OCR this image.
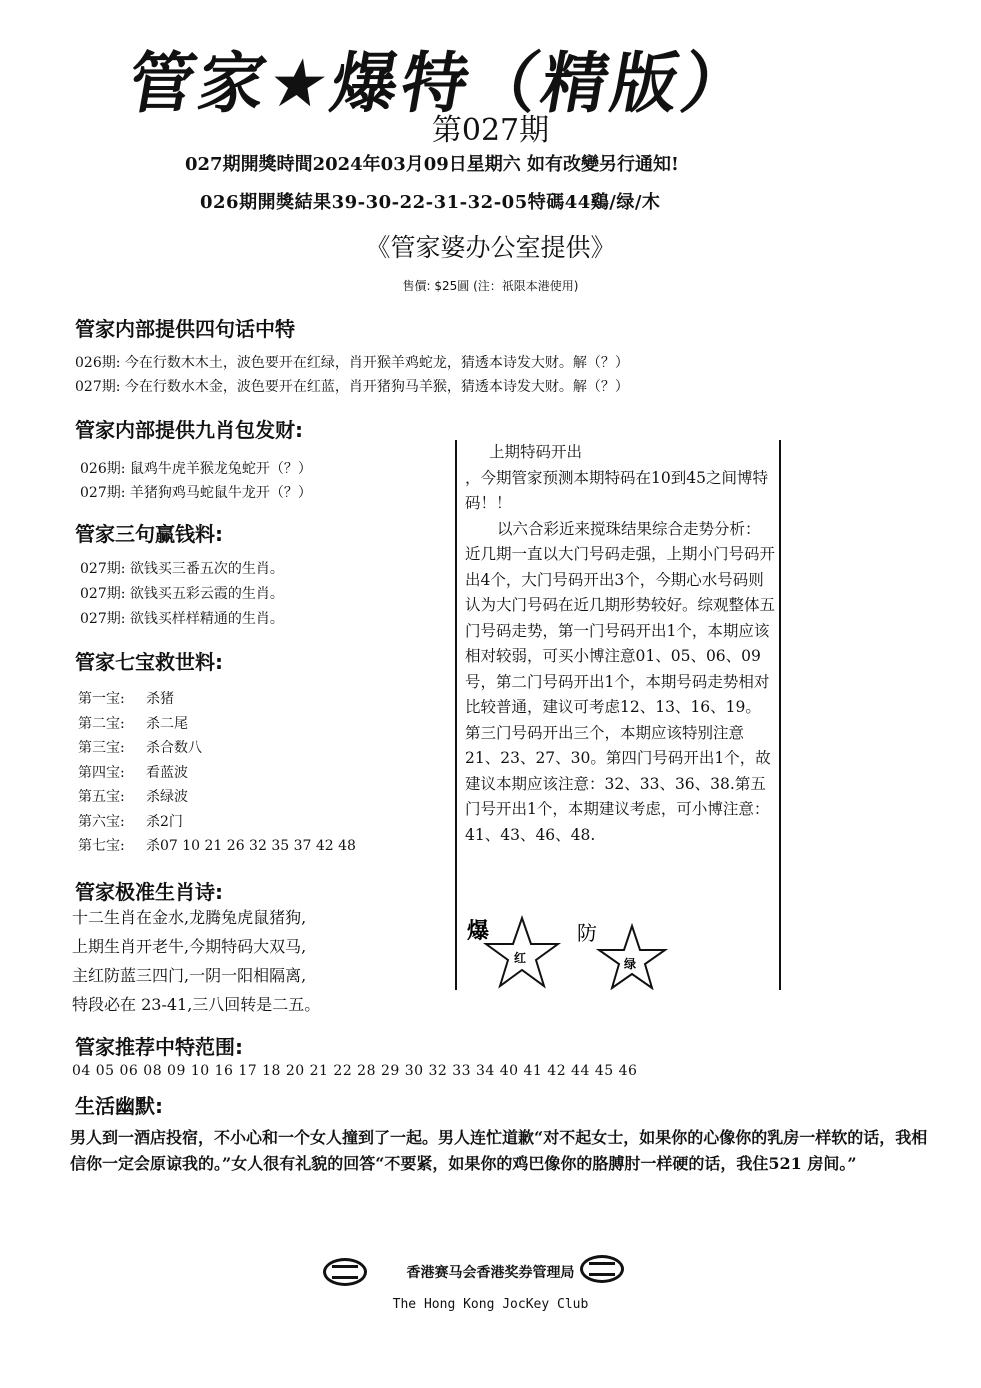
管家★爆特（精版）
第027期
027期開獎時間2024年03月09日星期六 如有改變另行通知!
026期開獎結果39-30-22-31-32-05特碼44鷄/绿/木
《管家婆办公室提供》
售價: $25圓 (注：祇限本港使用)
管家内部提供四句话中特
026期: 今在行数木木土，波色要开在红绿，肖开猴羊鸡蛇龙，猜透本诗发大财。解（？）
027期: 今在行数水木金，波色要开在红蓝，肖开猪狗马羊猴，猜透本诗发大财。解（？）
管家内部提供九肖包发财:
026期: 鼠鸡牛虎羊猴龙兔蛇开（？）
027期: 羊猪狗鸡马蛇鼠牛龙开（？）
管家三句赢钱料:
027期: 欲钱买三番五次的生肖。
027期: 欲钱买五彩云霞的生肖。
027期: 欲钱买样样精通的生肖。
管家七宝救世料:
第一宝: 杀猪
第二宝: 杀二尾
第三宝: 杀合数八
第四宝: 看蓝波
第五宝: 杀绿波
第六宝: 杀2门
第七宝: 杀07 10 21 26 32 35 37 42 48

上期特码开出

，今期管家预测本期特码在10到45之间博特码！！

以六合彩近来搅珠结果综合走势分析：近几期一直以大门号码走强，上期小门号码开出4个，大门号码开出3个，今期心水号码则认为大门号码在近几期形势较好。综观整体五门号码走势，第一门号码开出1个，本期应该相对较弱，可买小博注意01、05、06、09号，第二门号码开出1个，本期号码走势相对比较普通，建议可考虑12、13、16、19。第三门号码开出三个，本期应该特别注意21、23、27、30。第四门号码开出1个，故建议本期应该注意：32、33、36、38.第五门号开出1个，本期建议考虑，可小博注意：41、43、46、48.

爆
红
防
绿
管家极准生肖诗:
十二生肖在金水,龙腾兔虎鼠猪狗,
上期生肖开老牛,今期特码大双马,
主红防蓝三四门,一阴一阳相隔离,
特段必在 23-41,三八回转是二五。
管家推荐中特范围:
04 05 06 08 09 10 16 17 18 20 21 22 28 29 30 32 33 34 40 41 42 44 45 46
生活幽默:
男人到一酒店投宿，不小心和一个女人撞到了一起。男人连忙道歉“对不起女士，如果你的心像你的乳房一样软的话，我相信你一定会原谅我的。”女人很有礼貌的回答“不要紧，如果你的鸡巴像你的胳膊肘一样硬的话，我住521 房间。”
香港赛马会香港奖券管理局
The Hong Kong JocKey Club
